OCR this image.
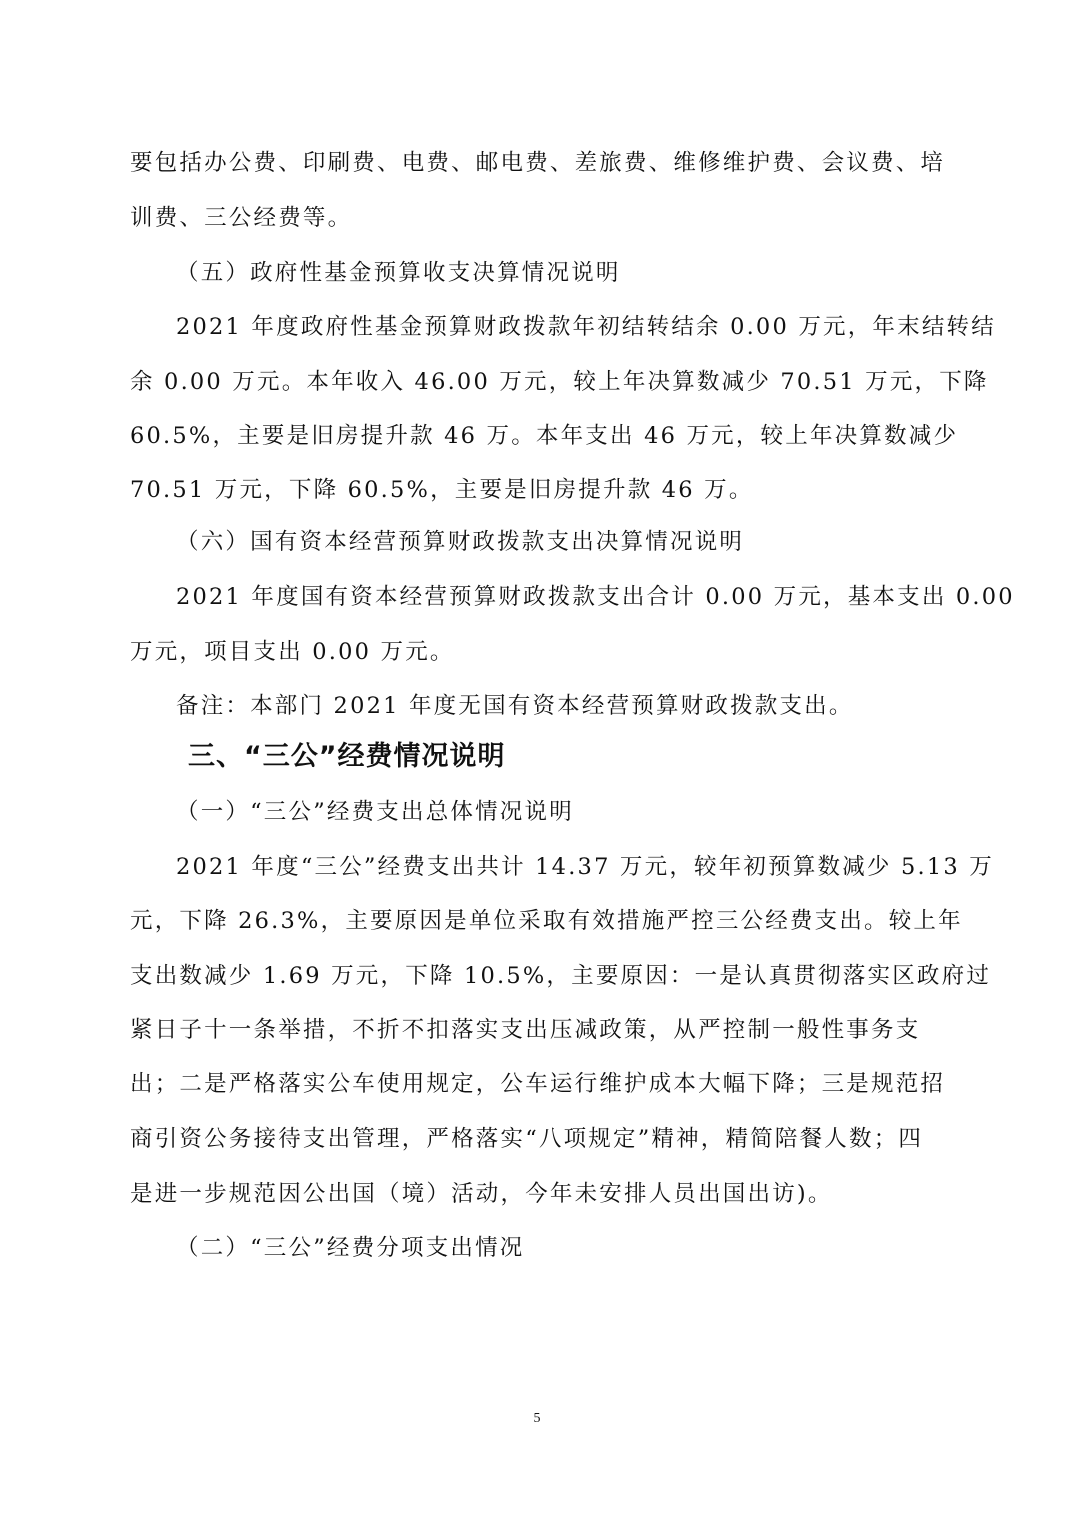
要包括办公费、印刷费、电费、邮电费、差旅费、维修维护费、会议费、培
训费、三公经费等。
（五）政府性基金预算收支决算情况说明
2021 年度政府性基金预算财政拨款年初结转结余 0.00 万元，年末结转结
余 0.00 万元。本年收入 46.00 万元，较上年决算数减少 70.51 万元，下降
60.5%，主要是旧房提升款 46 万。本年支出 46 万元，较上年决算数减少
70.51 万元，下降 60.5%，主要是旧房提升款 46 万。
（六）国有资本经营预算财政拨款支出决算情况说明
2021 年度国有资本经营预算财政拨款支出合计 0.00 万元，基本支出 0.00
万元，项目支出 0.00 万元。
备注：本部门 2021 年度无国有资本经营预算财政拨款支出。
三、“三公”经费情况说明
（一）“三公”经费支出总体情况说明
2021 年度“三公”经费支出共计 14.37 万元，较年初预算数减少 5.13 万
元，下降 26.3%，主要原因是单位采取有效措施严控三公经费支出。较上年
支出数减少 1.69 万元，下降 10.5%，主要原因：一是认真贯彻落实区政府过
紧日子十一条举措，不折不扣落实支出压减政策，从严控制一般性事务支
出；二是严格落实公车使用规定，公车运行维护成本大幅下降；三是规范招
商引资公务接待支出管理，严格落实“八项规定”精神，精简陪餐人数；四
是进一步规范因公出国（境）活动，今年未安排人员出国出访)。
（二）“三公”经费分项支出情况
5
